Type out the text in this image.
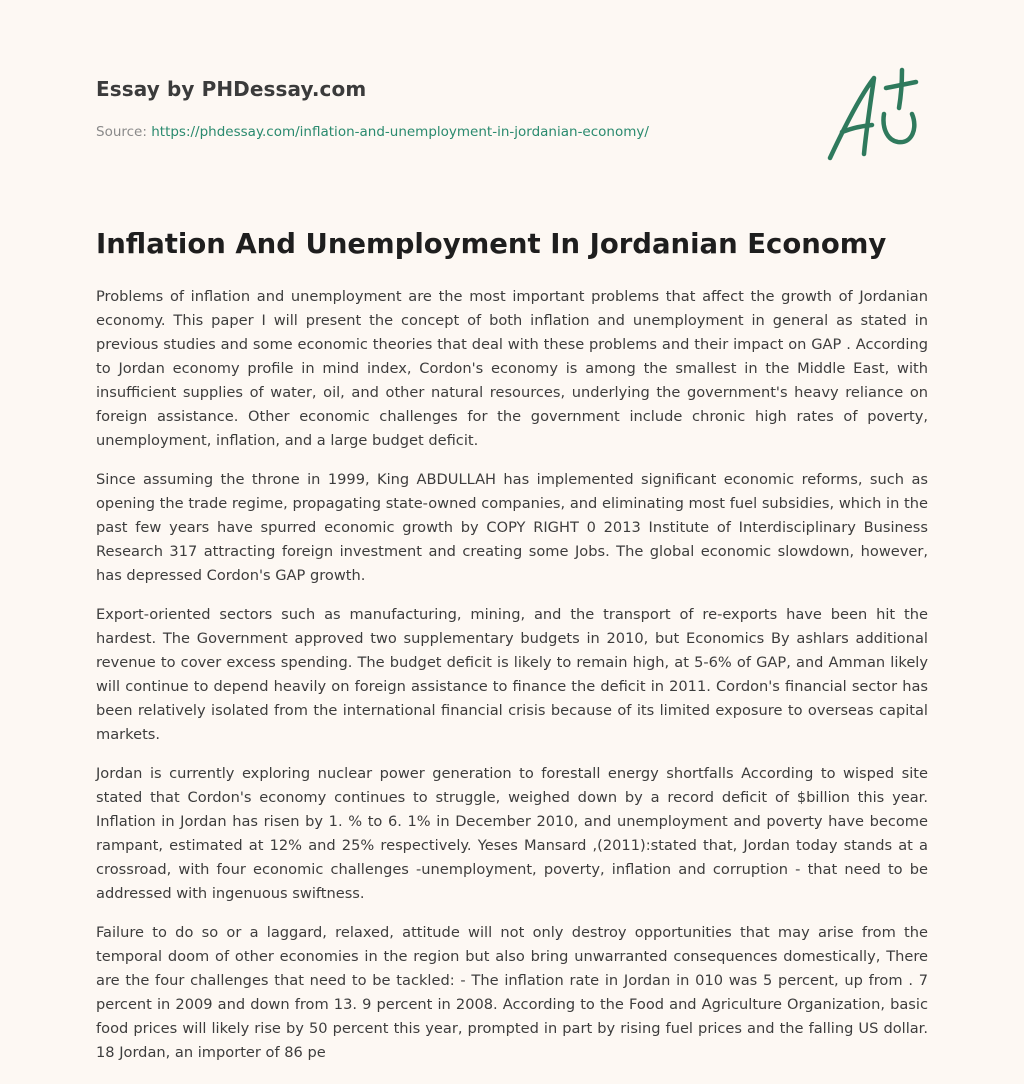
Essay by PHDessay.com
Source: https://phdessay.com/inflation-and-unemployment-in-jordanian-economy/
Inflation And Unemployment In Jordanian Economy

Problems of inflation and unemployment are the most important problems that affect the growth of Jordanian economy. This paper I will present the concept of both inflation and unemployment in general as stated in previous studies and some economic theories that deal with these problems and their impact on GAP . According to Jordan economy profile in mind index, Cordon's economy is among the smallest in the Middle East, with insufficient supplies of water, oil, and other natural resources, underlying the government's heavy reliance on foreign assistance. Other economic challenges for the government include chronic high rates of poverty, unemployment, inflation, and a large budget deficit.

Since assuming the throne in 1999, King ABDULLAH has implemented significant economic reforms, such as opening the trade regime, propagating state-owned companies, and eliminating most fuel subsidies, which in the past few years have spurred economic growth by COPY RIGHT 0 2013 Institute of Interdisciplinary Business Research 317 attracting foreign investment and creating some Jobs. The global economic slowdown, however, has depressed Cordon's GAP growth.

Export-oriented sectors such as manufacturing, mining, and the transport of re-exports have been hit the hardest. The Government approved two supplementary budgets in 2010, but Economics By ashlars additional revenue to cover excess spending. The budget deficit is likely to remain high, at 5-6% of GAP, and Amman likely will continue to depend heavily on foreign assistance to finance the deficit in 2011. Cordon's financial sector has been relatively isolated from the international financial crisis because of its limited exposure to overseas capital markets.

Jordan is currently exploring nuclear power generation to forestall energy shortfalls According to wisped site stated that Cordon's economy continues to struggle, weighed down by a record deficit of $billion this year. Inflation in Jordan has risen by 1. % to 6. 1% in December 2010, and unemployment and poverty have become rampant, estimated at 12% and 25% respectively. Yeses Mansard ,(2011):stated that, Jordan today stands at a crossroad, with four economic challenges -unemployment, poverty, inflation and corruption - that need to be addressed with ingenuous swiftness.

Failure to do so or a laggard, relaxed, attitude will not only destroy opportunities that may arise from the temporal doom of other economies in the region but also bring unwarranted consequences domestically, There are the four challenges that need to be tackled: - The inflation rate in Jordan in 010 was 5 percent, up from . 7 percent in 2009 and down from 13. 9 percent in 2008. According to the Food and Agriculture Organization, basic food prices will likely rise by 50 percent this year, prompted in part by rising fuel prices and the falling US dollar. 18 Jordan, an importer of 86 pe
